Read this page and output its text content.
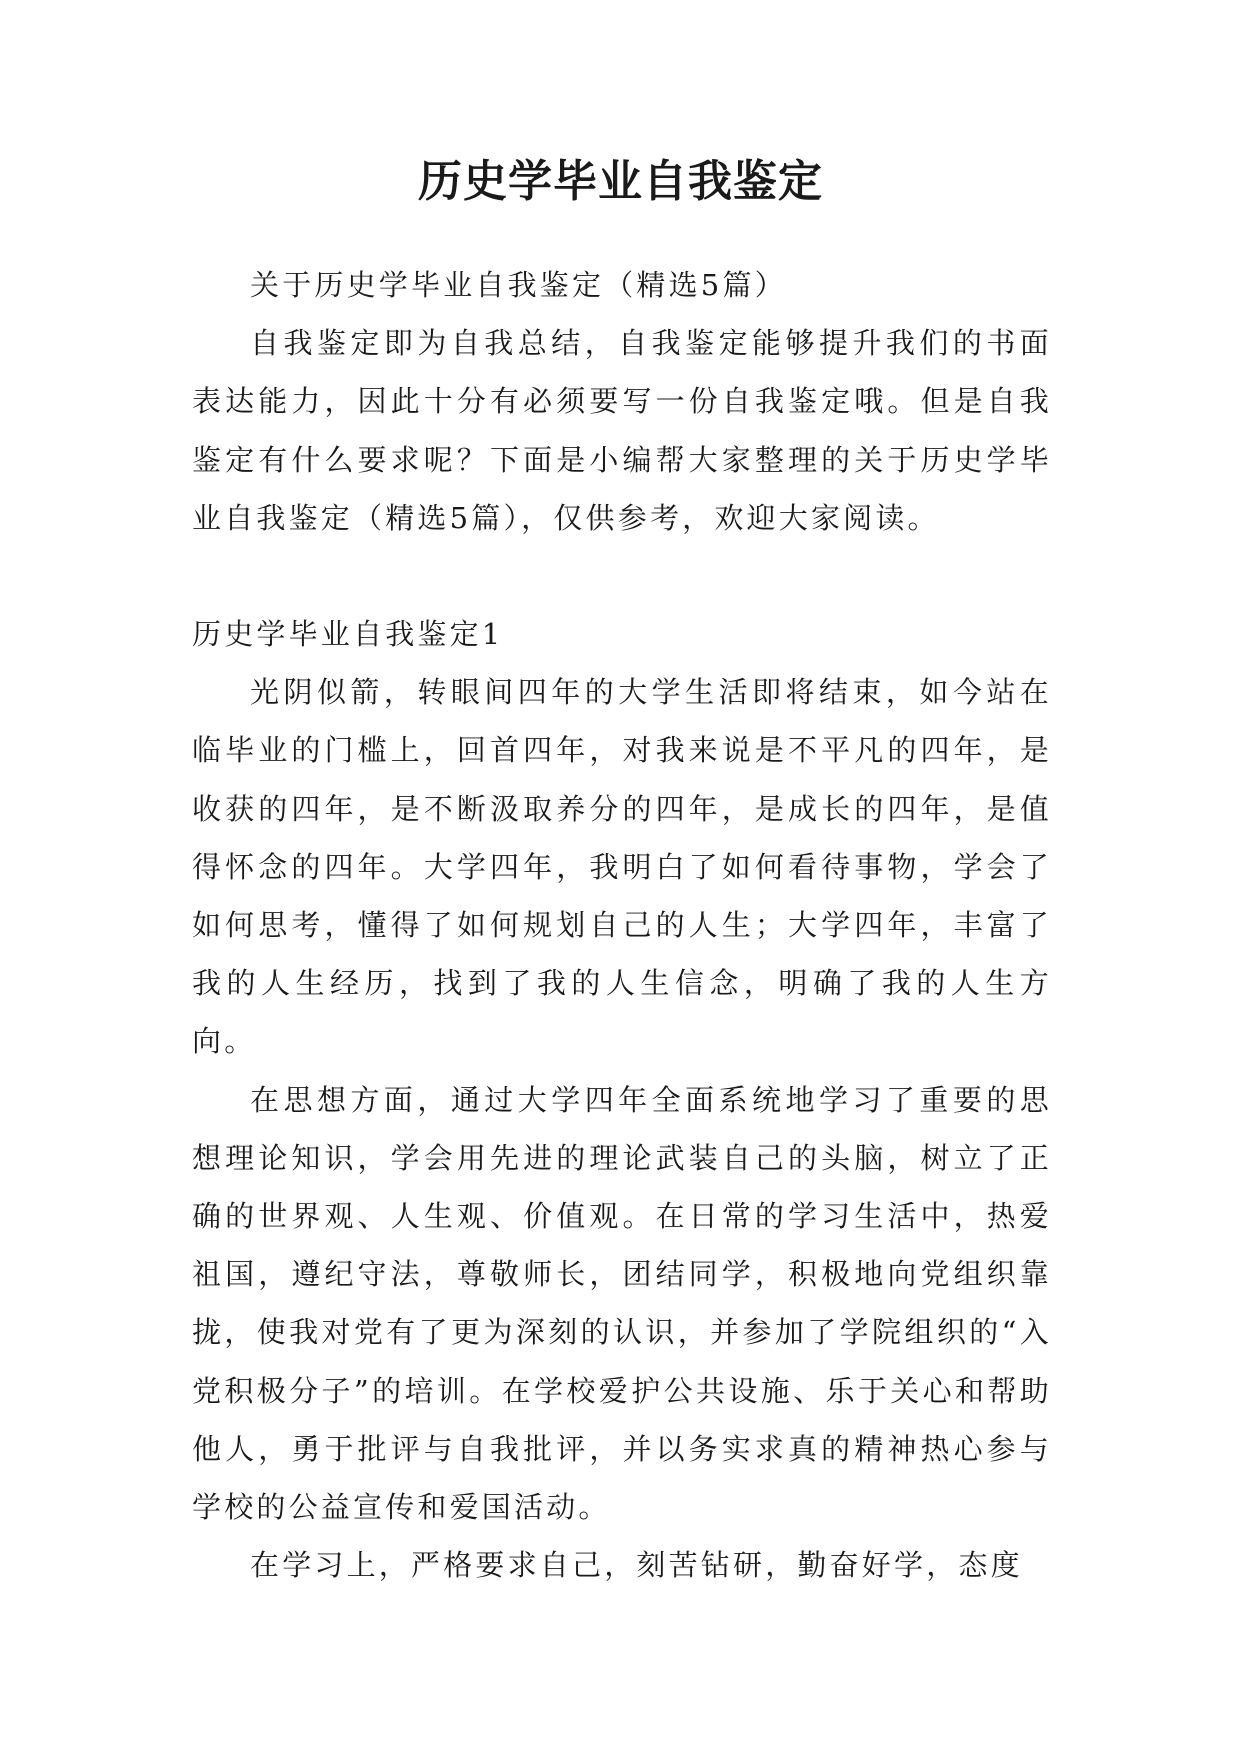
历史学毕业自我鉴定

关于历史学毕业自我鉴定（精选5篇）

自我鉴定即为自我总结，自我鉴定能够提升我们的书面表达能力，因此十分有必须要写一份自我鉴定哦。但是自我鉴定有什么要求呢？下面是小编帮大家整理的关于历史学毕业自我鉴定（精选5篇），仅供参考，欢迎大家阅读。

历史学毕业自我鉴定1

光阴似箭，转眼间四年的大学生活即将结束，如今站在临毕业的门槛上，回首四年，对我来说是不平凡的四年，是收获的四年，是不断汲取养分的四年，是成长的四年，是值得怀念的四年。大学四年，我明白了如何看待事物，学会了如何思考，懂得了如何规划自己的人生；大学四年，丰富了我的人生经历，找到了我的人生信念，明确了我的人生方向。

在思想方面，通过大学四年全面系统地学习了重要的思想理论知识，学会用先进的理论武装自己的头脑，树立了正确的世界观、人生观、价值观。在日常的学习生活中，热爱祖国，遵纪守法，尊敬师长，团结同学，积极地向党组织靠拢，使我对党有了更为深刻的认识，并参加了学院组织的“入党积极分子”的培训。在学校爱护公共设施、乐于关心和帮助他人，勇于批评与自我批评，并以务实求真的精神热心参与学校的公益宣传和爱国活动。

在学习上，严格要求自己，刻苦钻研，勤奋好学，态度
